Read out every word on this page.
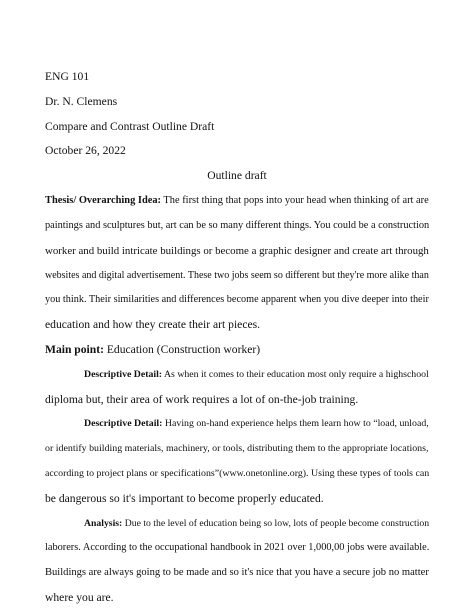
ENG 101
Dr. N. Clemens
Compare and Contrast Outline Draft
October 26, 2022
Outline draft
Thesis/ Overarching Idea: The first thing that pops into your head when thinking of art are
paintings and sculptures but, art can be so many different things. You could be a construction
worker and build intricate buildings or become a graphic designer and create art through
websites and digital advertisement. These two jobs seem so different but they're more alike than
you think. Their similarities and differences become apparent when you dive deeper into their
education and how they create their art pieces.
Main point: Education (Construction worker)
Descriptive Detail: As when it comes to their education most only require a highschool
diploma but, their area of work requires a lot of on-the-job training.
Descriptive Detail: Having on-hand experience helps them learn how to “load, unload,
or identify building materials, machinery, or tools, distributing them to the appropriate locations,
according to project plans or specifications”(www.onetonline.org). Using these types of tools can
be dangerous so it's important to become properly educated.
Analysis: Due to the level of education being so low, lots of people become construction
laborers. According to the occupational handbook in 2021 over 1,000,00 jobs were available.
Buildings are always going to be made and so it's nice that you have a secure job no matter
where you are.
